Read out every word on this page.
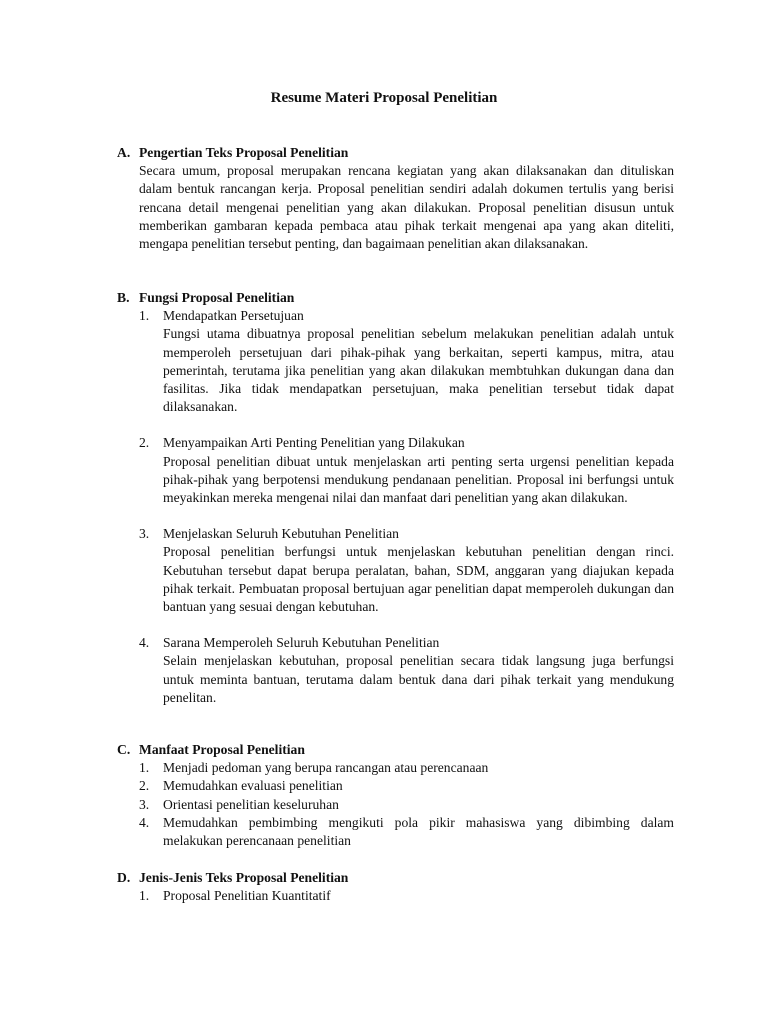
Resume Materi Proposal Penelitian
A. Pengertian Teks Proposal Penelitian
Secara umum, proposal merupakan rencana kegiatan yang akan dilaksanakan dan dituliskan dalam bentuk rancangan kerja. Proposal penelitian sendiri adalah dokumen tertulis yang berisi rencana detail mengenai penelitian yang akan dilakukan. Proposal penelitian disusun untuk memberikan gambaran kepada pembaca atau pihak terkait mengenai apa yang akan diteliti, mengapa penelitian tersebut penting, dan bagaimaan penelitian akan dilaksanakan.
B. Fungsi Proposal Penelitian
1. Mendapatkan Persetujuan
Fungsi utama dibuatnya proposal penelitian sebelum melakukan penelitian adalah untuk memperoleh persetujuan dari pihak-pihak yang berkaitan, seperti kampus, mitra, atau pemerintah, terutama jika penelitian yang akan dilakukan membtuhkan dukungan dana dan fasilitas. Jika tidak mendapatkan persetujuan, maka penelitian tersebut tidak dapat dilaksanakan.
2. Menyampaikan Arti Penting Penelitian yang Dilakukan
Proposal penelitian dibuat untuk menjelaskan arti penting serta urgensi penelitian kepada pihak-pihak yang berpotensi mendukung pendanaan penelitian. Proposal ini berfungsi untuk meyakinkan mereka mengenai nilai dan manfaat dari penelitian yang akan dilakukan.
3. Menjelaskan Seluruh Kebutuhan Penelitian
Proposal penelitian berfungsi untuk menjelaskan kebutuhan penelitian dengan rinci. Kebutuhan tersebut dapat berupa peralatan, bahan, SDM, anggaran yang diajukan kepada pihak terkait. Pembuatan proposal bertujuan agar penelitian dapat memperoleh dukungan dan bantuan yang sesuai dengan kebutuhan.
4. Sarana Memperoleh Seluruh Kebutuhan Penelitian
Selain menjelaskan kebutuhan, proposal penelitian secara tidak langsung juga berfungsi untuk meminta bantuan, terutama dalam bentuk dana dari pihak terkait yang mendukung penelitan.
C. Manfaat Proposal Penelitian
1. Menjadi pedoman yang berupa rancangan atau perencanaan
2. Memudahkan evaluasi penelitian
3. Orientasi penelitian keseluruhan
4. Memudahkan pembimbing mengikuti pola pikir mahasiswa yang dibimbing dalam melakukan perencanaan penelitian
D. Jenis-Jenis Teks Proposal Penelitian
1. Proposal Penelitian Kuantitatif
